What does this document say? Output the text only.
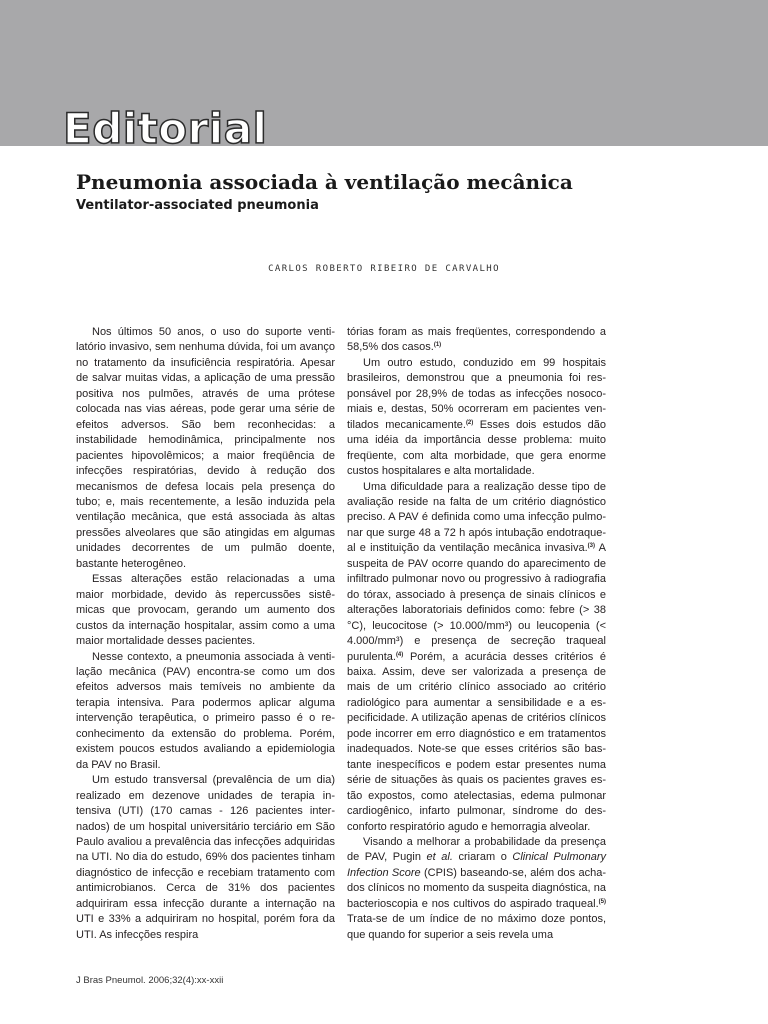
Editorial
Pneumonia associada à ventilação mecânica
Ventilator-associated pneumonia
CARLOS ROBERTO RIBEIRO DE CARVALHO

Nos últimos 50 anos, o uso do suporte ventilatório invasivo, sem nenhuma dúvida, foi um avanço no tratamento da insuficiência respiratória. Apesar de salvar muitas vidas, a aplicação de uma pressão positiva nos pulmões, através de uma prótese colocada nas vias aéreas, pode gerar uma série de efeitos adversos. São bem reconhecidas: a instabilidade hemodinâmica, principalmente nos pacientes hipovolêmicos; a maior freqüência de infecções respiratórias, devido à redução dos mecanismos de defesa locais pela presença do tubo; e, mais recentemente, a lesão induzida pela ventilação mecânica, que está associada às altas pressões alveolares que são atingidas em algumas unidades decorrentes de um pulmão doente, bastante heterogêneo.

Essas alterações estão relacionadas a uma maior morbidade, devido às repercussões sistêmicas que provocam, gerando um aumento dos custos da internação hospitalar, assim como a uma maior mortalidade desses pacientes.

Nesse contexto, a pneumonia associada à ventilação mecânica (PAV) encontra-se como um dos efeitos adversos mais temíveis no ambiente da terapia intensiva. Para podermos aplicar alguma intervenção terapêutica, o primeiro passo é o reconhecimento da extensão do problema. Porém, existem poucos estudos avaliando a epidemiologia da PAV no Brasil.

Um estudo transversal (prevalência de um dia) realizado em dezenove unidades de terapia intensiva (UTI) (170 camas - 126 pacientes internados) de um hospital universitário terciário em São Paulo avaliou a prevalência das infecções adquiridas na UTI. No dia do estudo, 69% dos pacientes tinham diagnóstico de infecção e recebiam tratamento com antimicrobianos. Cerca de 31% dos pacientes adquiriram essa infecção durante a internação na UTI e 33% a adquiriram no hospital, porém fora da UTI. As infecções respira

tórias foram as mais freqüentes, correspondendo a 58,5% dos casos.$^{(1)}$

Um outro estudo, conduzido em 99 hospitais brasileiros, demonstrou que a pneumonia foi responsável por 28,9% de todas as infecções nosocomiais e, destas, 50% ocorreram em pacientes ventilados mecanicamente.$^{(2)}$ Esses dois estudos dão uma idéia da importância desse problema: muito freqüente, com alta morbidade, que gera enorme custos hospitalares e alta mortalidade.

Uma dificuldade para a realização desse tipo de avaliação reside na falta de um critério diagnóstico preciso. A PAV é definida como uma infecção pulmonar que surge 48 a 72 h após intubação endotraqueal e instituição da ventilação mecânica invasiva.$^{(3)}$ A suspeita de PAV ocorre quando do aparecimento de infiltrado pulmonar novo ou progressivo à radiografia do tórax, associado à presença de sinais clínicos e alterações laboratoriais definidos como: febre (> 38 °C), leucocitose (> 10.000/mm³) ou leucopenia (< 4.000/mm³) e presença de secreção traqueal purulenta.$^{(4)}$ Porém, a acurácia desses critérios é baixa. Assim, deve ser valorizada a presença de mais de um critério clínico associado ao critério radiológico para aumentar a sensibilidade e a especificidade. A utilização apenas de critérios clínicos pode incorrer em erro diagnóstico e em tratamentos inadequados. Note-se que esses critérios são bastante inespecíficos e podem estar presentes numa série de situações às quais os pacientes graves estão expostos, como atelectasias, edema pulmonar cardiogênico, infarto pulmonar, síndrome do desconforto respiratório agudo e hemorragia alveolar.

Visando a melhorar a probabilidade da presença de PAV, Pugin et al. criaram o Clinical Pulmonary Infection Score (CPIS) baseando-se, além dos achados clínicos no momento da suspeita diagnóstica, na bacterioscopia e nos cultivos do aspirado traqueal.$^{(5)}$ Trata-se de um índice de no máximo doze pontos, que quando for superior a seis revela uma

J Bras Pneumol. 2006;32(4):xx-xxii
